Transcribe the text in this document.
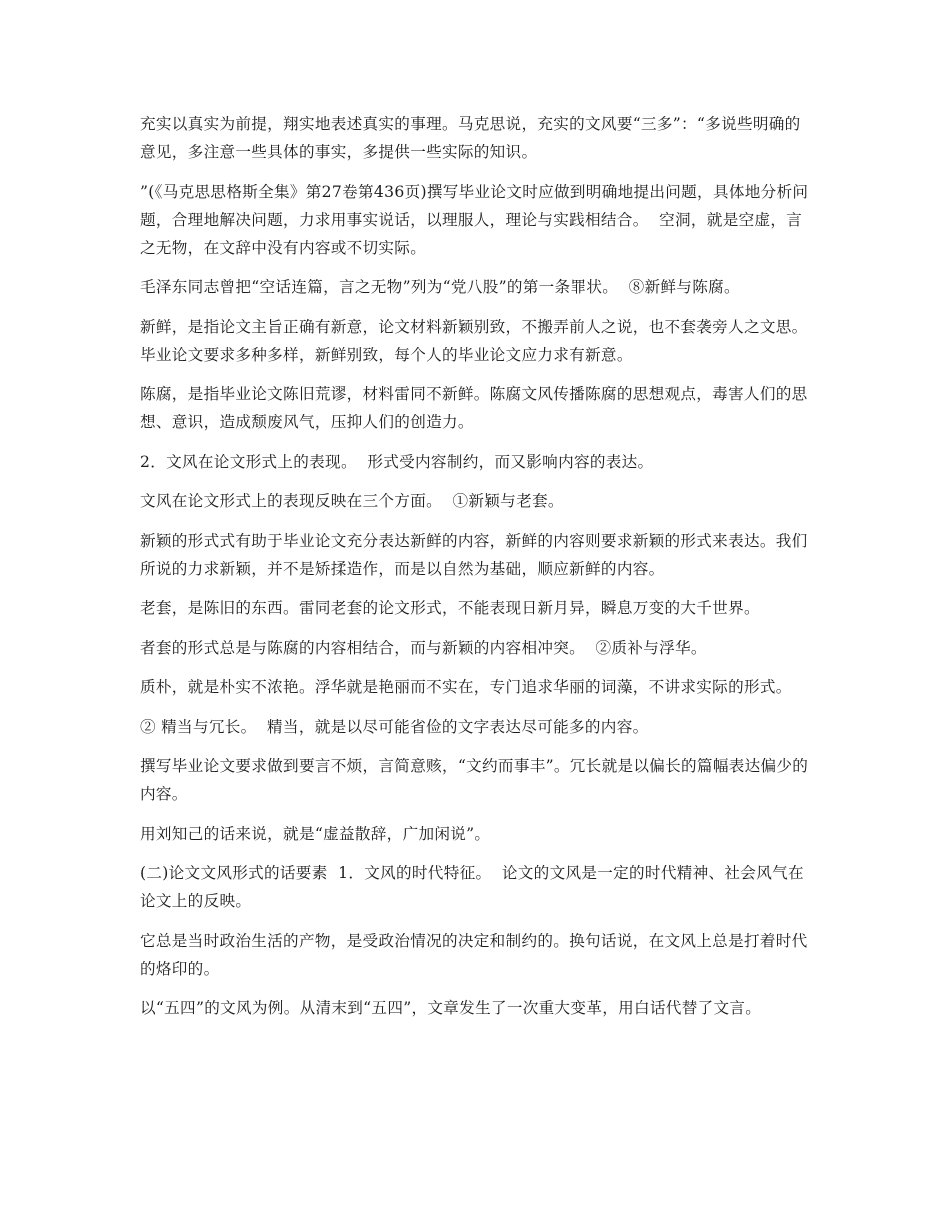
充实以真实为前提，翔实地表述真实的事理。马克思说，充实的文风要“三多”：“多说些明确的意见，多注意一些具体的事实，多提供一些实际的知识。

”(《马克思思格斯全集》第27卷第436页)撰写毕业论文时应做到明确地提出问题，具体地分析问题，合理地解决问题，力求用事实说话，以理服人，理论与实践相结合。  空洞，就是空虚，言之无物，在文辞中没有内容或不切实际。

毛泽东同志曾把“空话连篇，言之无物”列为“党八股”的第一条罪状。  ⑧新鲜与陈腐。

新鲜，是指论文主旨正确有新意，论文材料新颖别致，不搬弄前人之说，也不套袭旁人之文思。毕业论文要求多种多样，新鲜别致，每个人的毕业论文应力求有新意。

陈腐，是指毕业论文陈旧荒谬，材料雷同不新鲜。陈腐文风传播陈腐的思想观点，毒害人们的思想、意识，造成颓废风气，压抑人们的创造力。

2．文风在论文形式上的表现。  形式受内容制约，而又影响内容的表达。

文风在论文形式上的表现反映在三个方面。  ①新颖与老套。

新颖的形式式有助于毕业论文充分表达新鲜的内容，新鲜的内容则要求新颖的形式来表达。我们所说的力求新颖，并不是矫揉造作，而是以自然为基础，顺应新鲜的内容。

老套，是陈旧的东西。雷同老套的论文形式，不能表现日新月异，瞬息万变的大千世界。

者套的形式总是与陈腐的内容相结合，而与新颖的内容相冲突。  ②质补与浮华。

质朴，就是朴实不浓艳。浮华就是艳丽而不实在，专门追求华丽的词藻，不讲求实际的形式。

② 精当与冗长。  精当，就是以尽可能省俭的文字表达尽可能多的内容。

撰写毕业论文要求做到要言不烦，言简意赅，“文约而事丰”。冗长就是以偏长的篇幅表达偏少的内容。

用刘知己的话来说，就是“虚益散辞，广加闲说”。

(二)论文文风形式的话要素  1．文风的时代特征。  论文的文风是一定的时代精神、社会风气在论文上的反映。

它总是当时政治生活的产物，是受政治情况的决定和制约的。换句话说，在文风上总是打着时代的烙印的。

以“五四”的文风为例。从清末到“五四”，文章发生了一次重大变革，用白话代替了文言。
